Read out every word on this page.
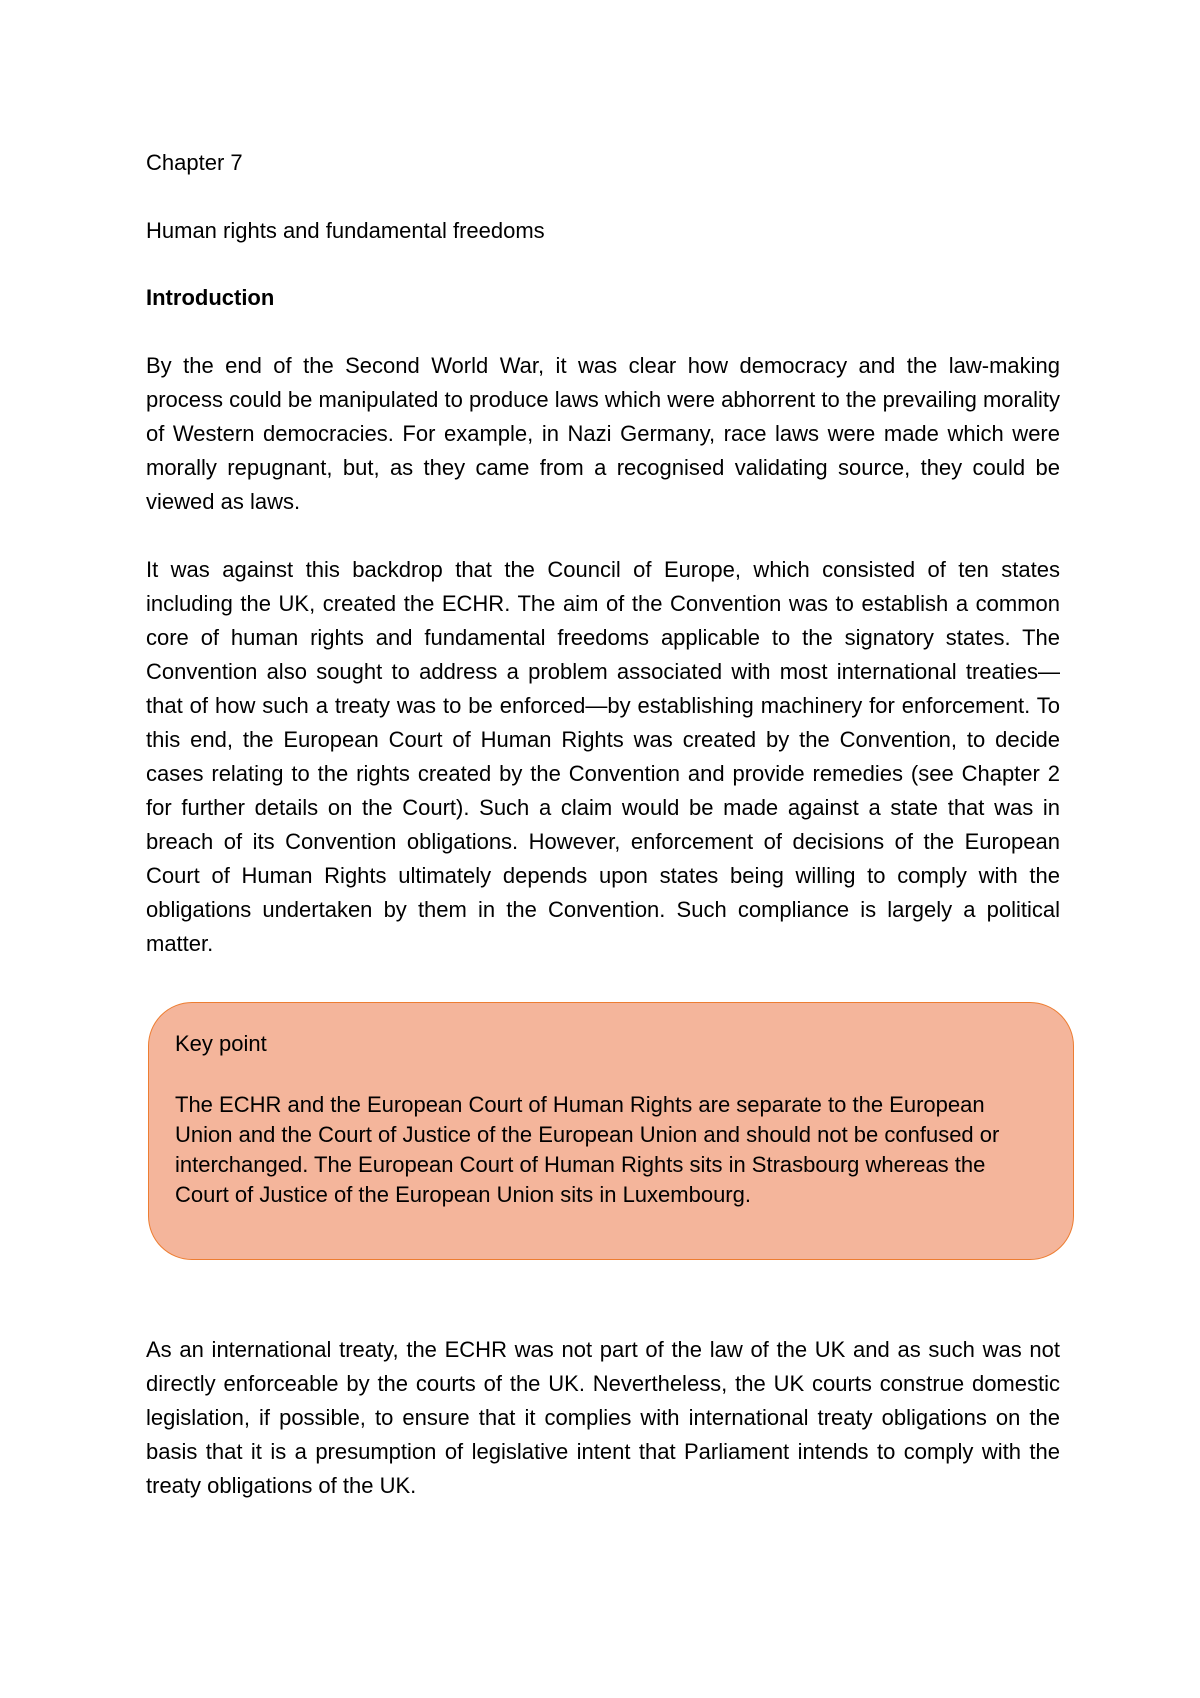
Chapter 7

Human rights and fundamental freedoms

Introduction

By the end of the Second World War, it was clear how democracy and the law-making process could be manipulated to produce laws which were abhorrent to the prevailing morality of Western democracies. For example, in Nazi Germany, race laws were made which were morally repugnant, but, as they came from a recognised validating source, they could be viewed as laws.

It was against this backdrop that the Council of Europe, which consisted of ten states including the UK, created the ECHR. The aim of the Convention was to establish a common core of human rights and fundamental freedoms applicable to the signatory states. The Convention also sought to address a problem associated with most international treaties—that of how such a treaty was to be enforced—by establishing machinery for enforcement. To this end, the European Court of Human Rights was created by the Convention, to decide cases relating to the rights created by the Convention and provide remedies (see Chapter 2 for further details on the Court). Such a claim would be made against a state that was in breach of its Convention obligations. However, enforcement of decisions of the European Court of Human Rights ultimately depends upon states being willing to comply with the obligations undertaken by them in the Convention. Such compliance is largely a political matter.

Key point

The ECHR and the European Court of Human Rights are separate to the European Union and the Court of Justice of the European Union and should not be confused or interchanged. The European Court of Human Rights sits in Strasbourg whereas the Court of Justice of the European Union sits in Luxembourg.

As an international treaty, the ECHR was not part of the law of the UK and as such was not directly enforceable by the courts of the UK. Nevertheless, the UK courts construe domestic legislation, if possible, to ensure that it complies with international treaty obligations on the basis that it is a presumption of legislative intent that Parliament intends to comply with the treaty obligations of the UK.
